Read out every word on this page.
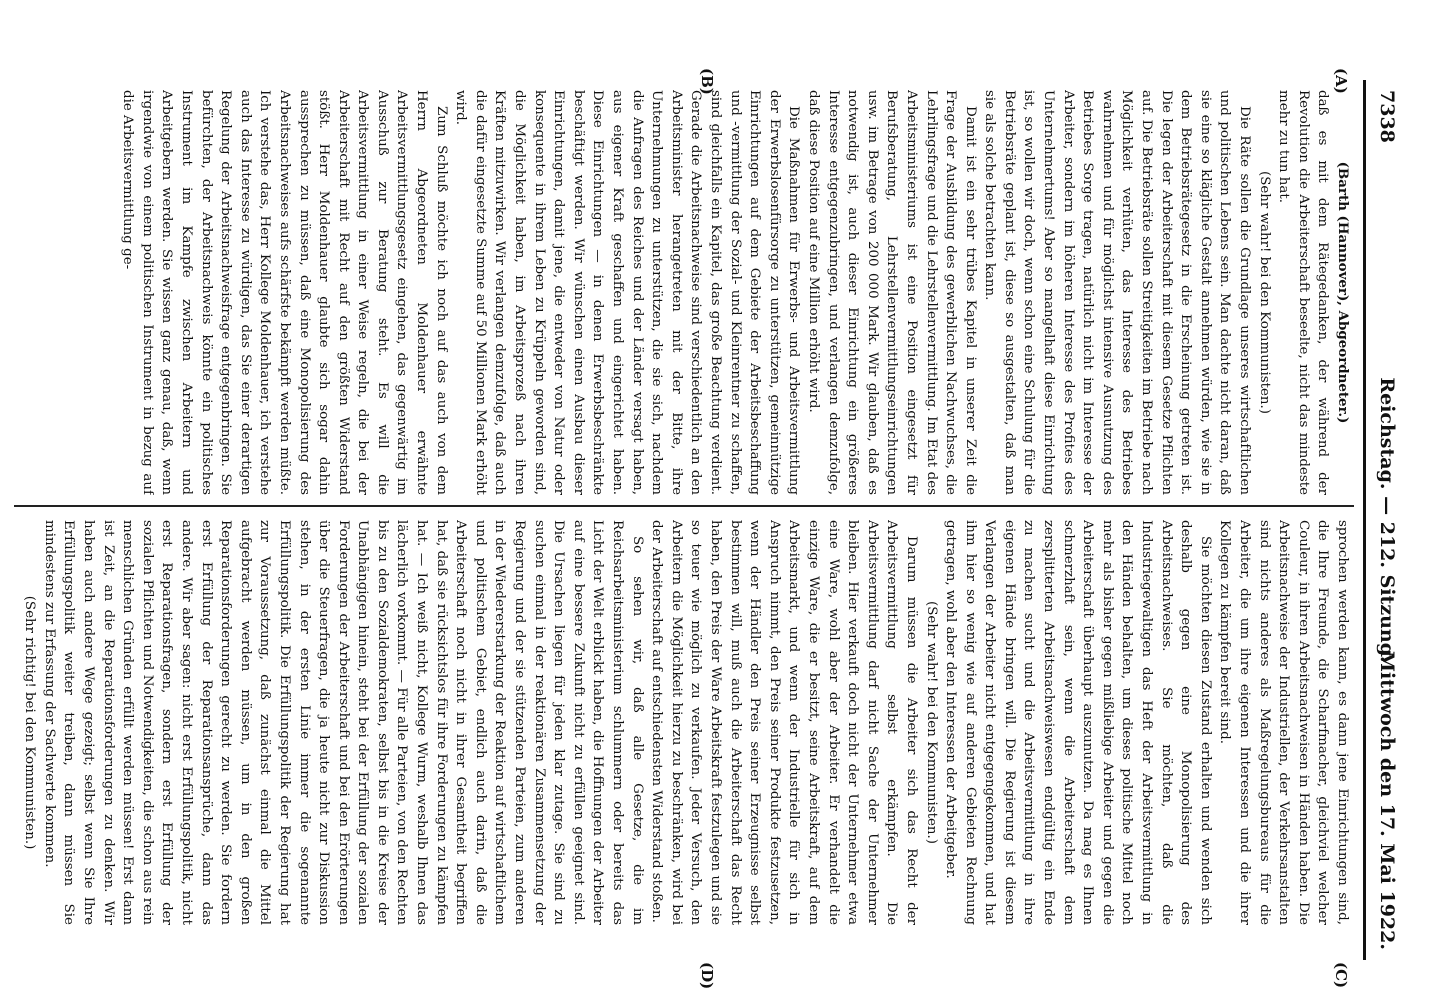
7338
Reichstag. — 212. Sitzung.
Mittwoch den 17. Mai 1922.
(A)
(B)
(C)
(D)

(Barth (Hannover), Abgeordneter.)

daß es mit dem Rätegedanken, der während der Revolution die Arbeiterschaft beseelte, nicht das mindeste mehr zu tun hat.

(Sehr wahr! bei den Kommunisten.)

Die Räte sollen die Grundlage unseres wirtschaftlichen und politischen Lebens sein. Man dachte nicht daran, daß sie eine so klägliche Gestalt annehmen würden, wie sie in dem Betriebsrätegesetz in die Erscheinung getreten ist. Die legen der Arbeiterschaft mit diesem Gesetze Pflichten auf. Die Betriebsräte sollen Streitigkeiten im Betriebe nach Möglichkeit verhüten, das Interesse des Betriebes wahrnehmen und für möglichst intensive Ausnutzung des Betriebes Sorge tragen, natürlich nicht im Interesse der Arbeiter, sondern im höheren Interesse des Profites des Unternehmertums! Aber so mangelhaft diese Einrichtung ist, so wollen wir doch, wenn schon eine Schulung für die Betriebsräte geplant ist, diese so ausgestalten, daß man sie als solche betrachten kann.

Damit ist ein sehr trübes Kapitel in unserer Zeit die Frage der Ausbildung des gewerblichen Nachwuchses, die Lehrlingsfrage und die Lehrstellenvermittlung. Im Etat des Arbeitsministeriums ist eine Position eingesetzt für Berufsberatung, Lehrstellenvermittlungseinrichtungen usw. im Betrage von 200 000 Mark. Wir glauben, daß es notwendig ist, auch dieser Einrichtung ein größeres Interesse entgegenzubringen, und verlangen demzufolge, daß diese Position auf eine Million erhöht wird.

Die Maßnahmen für Erwerbs- und Arbeitsvermittlung der Erwerbslosenfürsorge zu unterstützen, gemeinnützige Einrichtungen auf dem Gebiete der Arbeitsbeschaffung und -vermittlung der Sozial- und Kleinrentner zu schaffen, sind gleichfalls ein Kapitel, das große Beachtung verdient. Gerade die Arbeitsnachweise sind verschiedentlich an den Arbeitsminister herangetreten mit der Bitte, ihre Unternehmungen zu unterstützen, die sie sich, nachdem die Anfragen des Reiches und der Länder versagt haben, aus eigener Kraft geschaffen und eingerichtet haben. Diese Einrichtungen — in denen Erwerbsbeschränkte beschäftigt werden. Wir wünschen einen Ausbau dieser Einrichtungen, damit jene, die entweder von Natur oder konsequente in ihrem Leben zu Krüppeln geworden sind, die Möglichkeit haben, im Arbeitsprozeß nach ihren Kräften mitzuwirken. Wir verlangen demzufolge, daß auch die dafür eingesetzte Summe auf 50 Millionen Mark erhöht wird.

Zum Schluß möchte ich noch auf das auch von dem Herrn Abgeordneten Moldenhauer erwähnte Arbeitsvermittlungsgesetz eingehen, das gegenwärtig im Ausschuß zur Beratung steht. Es will die Arbeitsvermittlung in einer Weise regeln, die bei der Arbeiterschaft mit Recht auf den größten Widerstand stößt. Herr Moldenhauer glaubte sich sogar dahin aussprechen zu müssen, daß eine Monopolisierung des Arbeitsnachweises aufs schärfste bekämpft werden müßte. Ich verstehe das, Herr Kollege Moldenhauer, ich verstehe auch das Interesse zu würdigen, das Sie einer derartigen Regelung der Arbeitsnachweisfrage entgegenbringen. Sie befürchten, der Arbeitsnachweis könnte ein politisches Instrument im Kampfe zwischen Arbeitern und Arbeitgebern werden. Sie wissen ganz genau, daß, wenn irgendwie von einem politischen Instrument in bezug auf die Arbeitsvermittlung ge-

sprochen werden kann, es dann jene Einrichtungen sind, die Ihre Freunde, die Scharfmacher, gleichviel welcher Couleur, in ihren Arbeitsnachweisen in Händen haben. Die Arbeitsnachweise der Industriellen, der Verkehrsanstalten sind nichts anderes als Maßregelungsbureaus für die Arbeiter, die um ihre eigenen Interessen und die ihrer Kollegen zu kämpfen bereit sind.

Sie möchten diesen Zustand erhalten und wenden sich deshalb gegen eine Monopolisierung des Arbeitsnachweises. Sie möchten, daß die Industriegewaltigen das Heft der Arbeitsvermittlung in den Händen behalten, um dieses politische Mittel noch mehr als bisher gegen mißliebige Arbeiter und gegen die Arbeiterschaft überhaupt auszunutzen. Da mag es Ihnen schmerzhaft sein, wenn die Arbeiterschaft dem zersplitterten Arbeitsnachweiswesen endgültig ein Ende zu machen sucht und die Arbeitsvermittlung in ihre eigenen Hände bringen will. Die Regierung ist diesem Verlangen der Arbeiter nicht entgegengekommen, und hat ihm hier so wenig wie auf anderen Gebieten Rechnung getragen, wohl aber den Interessen der Arbeitgeber.

(Sehr wahr! bei den Kommunisten.)

Darum müssen die Arbeiter sich das Recht der Arbeitsvermittlung selbst erkämpfen. Die Arbeitsvermittlung darf nicht Sache der Unternehmer bleiben. Hier verkauft doch nicht der Unternehmer etwa eine Ware, wohl aber der Arbeiter. Er verhandelt die einzige Ware, die er besitzt, seine Arbeitskraft, auf dem Arbeitsmarkt, und wenn der Industrielle für sich in Anspruch nimmt, den Preis seiner Produkte festzusetzen, wenn der Händler den Preis seiner Erzeugnisse selbst bestimmen will, muß auch die Arbeiterschaft das Recht haben, den Preis der Ware Arbeitskraft festzulegen und sie so teuer wie möglich zu verkaufen. Jeder Versuch, den Arbeitern die Möglichkeit hierzu zu beschränken, wird bei der Arbeiterschaft auf entschiedensten Widerstand stoßen.

So sehen wir, daß alle Gesetze, die im Reichsarbeitsministerium schlummern oder bereits das Licht der Welt erblickt haben, die Hoffnungen der Arbeiter auf eine bessere Zukunft nicht zu erfüllen geeignet sind. Die Ursachen liegen für jeden klar zutage. Sie sind zu suchen einmal in der reaktionären Zusammensetzung der Regierung und der sie stützenden Parteien, zum anderen in der Wiedererstarkung der Reaktion auf wirtschaftlichem und politischem Gebiet, endlich auch darin, daß die Arbeiterschaft noch nicht in ihrer Gesamtheit begriffen hat, daß sie rücksichtslos für ihre Forderungen zu kämpfen hat. — Ich weiß nicht, Kollege Wurm, weshalb Ihnen das lächerlich vorkommt. — Für alle Parteien, von den Rechten bis zu den Sozialdemokraten, selbst bis in die Kreise der Unabhängigen hinein, steht bei der Erfüllung der sozialen Forderungen der Arbeiterschaft und bei den Erörterungen über die Steuerfragen, die ja heute nicht zur Diskussion stehen, in der ersten Linie immer die sogenannte Erfüllungspolitik. Die Erfüllungspolitik der Regierung hat zur Voraussetzung, daß zunächst einmal die Mittel aufgebracht werden müssen, um in den großen Reparationsforderungen gerecht zu werden. Sie fordern erst Erfüllung der Reparationsansprüche, dann das andere. Wir aber sagen: nicht erst Erfüllungspolitik, nicht erst Reparationsfragen, sondern erst Erfüllung der sozialen Pflichten und Notwendigkeiten, die schon aus rein menschlichen Gründen erfüllt werden müssen! Erst dann ist Zeit, an die Reparationsforderungen zu denken. Wir haben auch andere Wege gezeigt; selbst wenn Sie Ihre Erfüllungspolitik weiter treiben, dann müssen Sie mindestens zur Erfassung der Sachwerte kommen.

(Sehr richtig! bei den Kommunisten.)
